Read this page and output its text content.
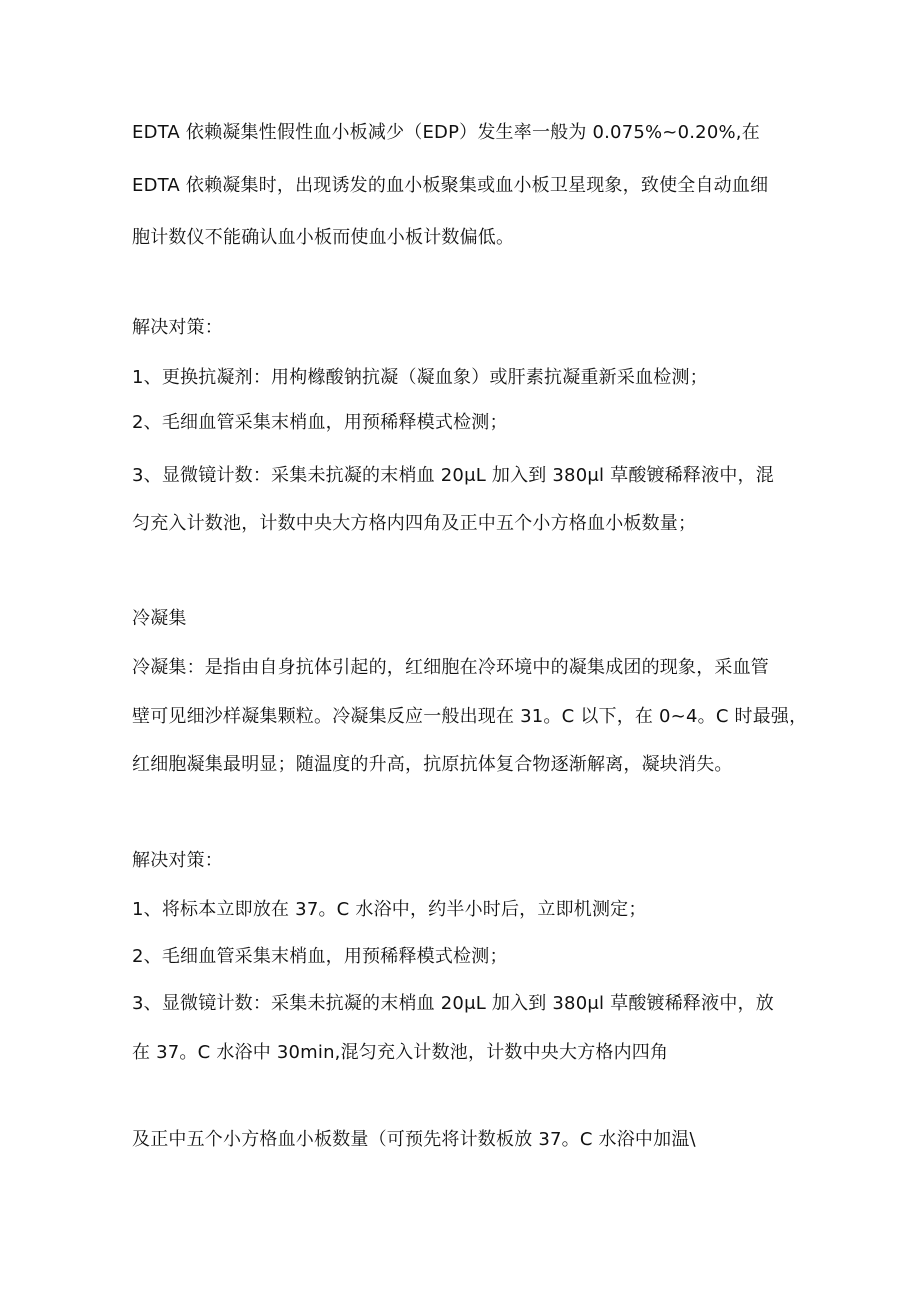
EDTA 依赖凝集性假性血小板减少（EDP）发生率一般为 0.075%~0.20%,在
EDTA 依赖凝集时，出现诱发的血小板聚集或血小板卫星现象，致使全自动血细
胞计数仪不能确认血小板而使血小板计数偏低。
解决对策：
1、更换抗凝剂：用枸橼酸钠抗凝（凝血象）或肝素抗凝重新采血检测；
2、毛细血管采集末梢血，用预稀释模式检测；
3、显微镜计数：采集未抗凝的末梢血 20μL 加入到 380μl 草酸镀稀释液中，混
匀充入计数池，计数中央大方格内四角及正中五个小方格血小板数量；
冷凝集
冷凝集：是指由自身抗体引起的，红细胞在冷环境中的凝集成团的现象，采血管
壁可见细沙样凝集颗粒。冷凝集反应一般出现在 31。C 以下，在 0~4。C 时最强，
红细胞凝集最明显；随温度的升高，抗原抗体复合物逐渐解离，凝块消失。
解决对策：
1、将标本立即放在 37。C 水浴中，约半小时后，立即机测定；
2、毛细血管采集末梢血，用预稀释模式检测；
3、显微镜计数：采集未抗凝的末梢血 20μL 加入到 380μl 草酸镀稀释液中，放
在 37。C 水浴中 30min,混匀充入计数池，计数中央大方格内四角
及正中五个小方格血小板数量（可预先将计数板放 37。C 水浴中加温\
